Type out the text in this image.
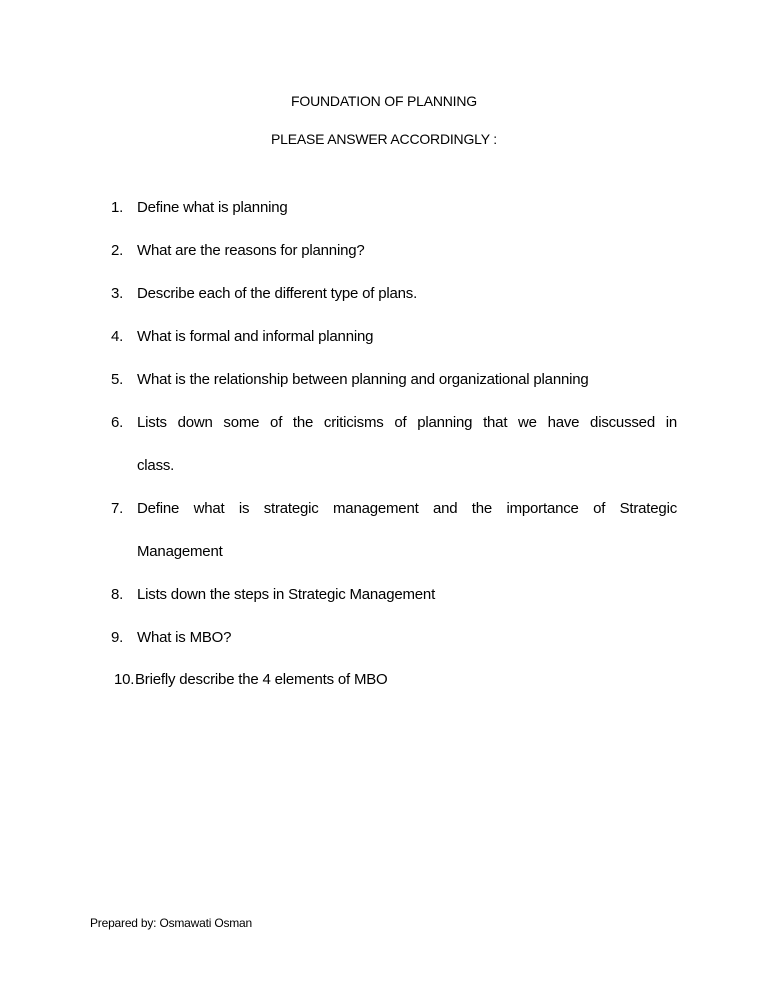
FOUNDATION OF PLANNING
PLEASE ANSWER ACCORDINGLY :
1. Define what is planning
2. What are the reasons for planning?
3. Describe each of the different type of plans.
4. What is formal and informal planning
5. What is the relationship between planning and organizational planning
6. Lists down some of the criticisms of planning that we have discussed in
class.
7. Define what is strategic management and the importance of Strategic
Management
8. Lists down the steps in Strategic Management
9. What is MBO?
10. Briefly describe the 4 elements of MBO
Prepared by: Osmawati Osman
